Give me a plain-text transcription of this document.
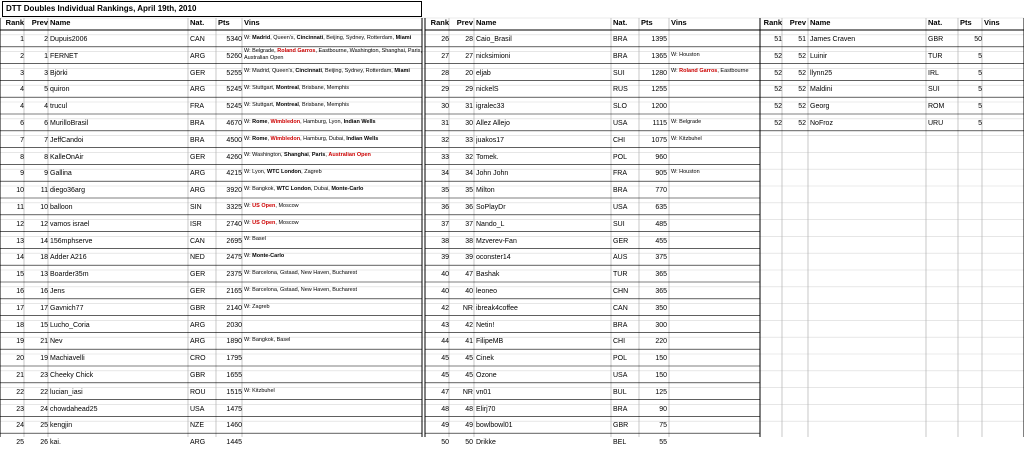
DTT Doubles Individual Rankings, April 19th, 2010
Rank	Prev Name	Nat.	Pts	Vins
1	2 Dupuis2006	CAN	5340 W: Madrid, Queen's, Cincinnati, Beijing, Sydney, Rotterdam, Miami
2	1 FERNET	ARG	5260
W: Belgrade, Roland Garros, Eastbourne, Washington, Shanghai, Paris, Australian Open
3	3 Björki	GER	5255 W: Madrid, Queen's, Cincinnati, Beijing, Sydney, Rotterdam, Miami
4	5 quiron	ARG	5245 W: Stuttgart, Montreal, Brisbane, Memphis
4	4 trucul	FRA	5245 W: Stuttgart, Montreal, Brisbane, Memphis
6	6 MurilloBrasil	BRA	4670 W: Rome, Wimbledon, Hamburg, Lyon, Indian Wells
7	7 JeffCandoi	BRA	4500 W: Rome, Wimbledon, Hamburg, Dubai, Indian Wells
8	8 KalleOnAir	GER	4260 W: Washington, Shanghai, Paris, Australian Open
9	9 Gallina	ARG	4215 W: Lyon, WTC London, Zagreb
10	11 diego36arg	ARG	3920 W: Bangkok, WTC London, Dubai, Monte-Carlo
11	10 balloon	SIN	3325 W: US Open, Moscow
12	12 vamos israel	ISR	2740 W: US Open, Moscow
13	14 156mphserve	CAN	2695 W: Basel
14	18 Adder A216	NED	2475 W: Monte-Carlo
15	13 Boarder35m	GER	2375 W: Barcelona, Gstaad, New Haven, Bucharest
16	16 Jens	GER	2165 W: Barcelona, Gstaad, New Haven, Bucharest
17	17 Gavnich77	GBR	2140 W: Zagreb
18	15 Lucho_Coria	ARG	2030
19	21 Nev	ARG	1890 W: Bangkok, Basel
20	19 Machiavelli	CRO	1795
21	23 Cheeky Chick	GBR	1655
22	22 lucian_iasi	ROU	1515 W: Kitzbuhel
23	24 chowdahead25	USA	1475
24	25 kengjin	NZE	1460
25	26 kai.	ARG	1445
Rank	Prev Name	Nat.	Pts	Vins
26	28 Caio_Brasil	BRA	1395
27	27 nicksimioni	BRA	1365 W: Houston
28	20 eljab	SUI	1280 W: Roland Garros, Eastbourne
29	29 nickelS	RUS	1255
30	31 igralec33	SLO	1200
31	30 Allez Allejo	USA	1115 W: Belgrade
32	33 juakos17	CHI	1075 W: Kitzbuhel
33	32 Tomek.	POL	960
34	34 John John	FRA	905 W: Houston
35	35 Milton	BRA	770
36	36 SoPlayDr	USA	635
37	37 Nando_L	SUI	485
38	38 Mzverev-Fan	GER	455
39	39 oconster14	AUS	375
40	47 Bashak	TUR	365
40	40 leoneo	CHN	365
42	NR ibreak4coffee	CAN	350
43	42 Netin!	BRA	300
44	41 FilipeMB	CHI	220
45	45 Cinek	POL	150
45	45 Ozone	USA	150
47	NR vn01	BUL	125
48	48 Elirj70	BRA	90
49	49 bowlbowl01	GBR	75
50	50 Drikke	BEL	55
Rank	Prev Name	Nat.	Pts	Vins
51	51 James Craven	GBR	50
52	52 Luinir	TUR	5
52	52 llynn25	IRL	5
52	52 Maldini	SUI	5
52	52 Georg	ROM	5
52	52 NoFroz	URU	5
